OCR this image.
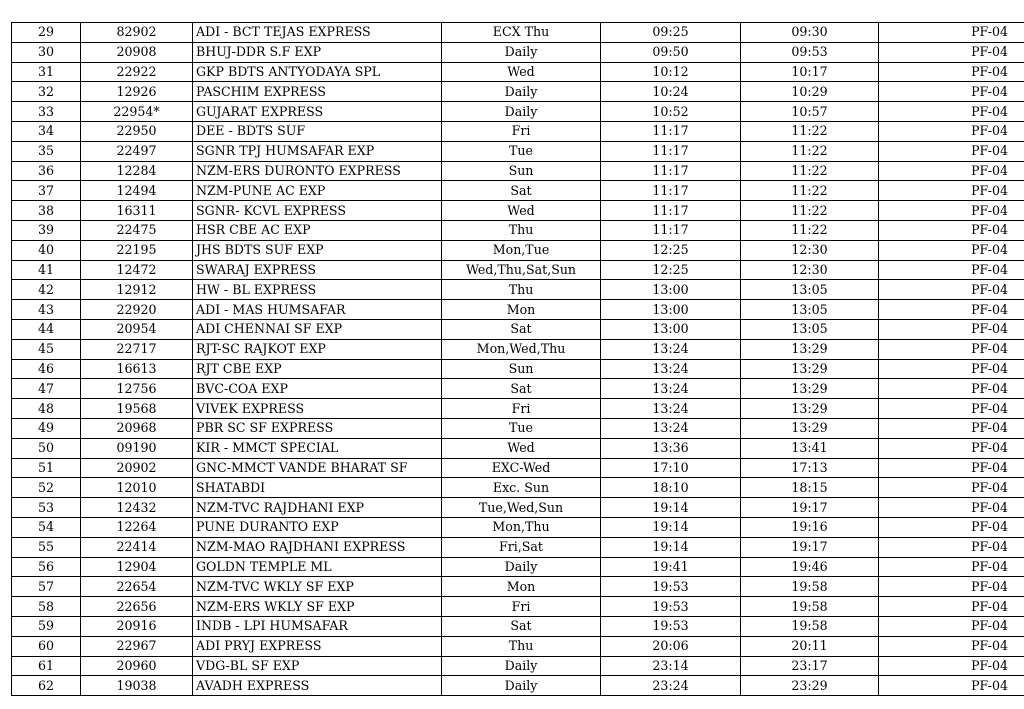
29	82902	ADI - BCT TEJAS EXPRESS	ECX Thu	09:25	09:30	PF-04
30	20908	BHUJ-DDR S.F EXP	Daily	09:50	09:53	PF-04
31	22922	GKP BDTS ANTYODAYA SPL	Wed	10:12	10:17	PF-04
32	12926	PASCHIM EXPRESS	Daily	10:24	10:29	PF-04
33	22954*	GUJARAT EXPRESS	Daily	10:52	10:57	PF-04
34	22950	DEE - BDTS SUF	Fri	11:17	11:22	PF-04
35	22497	SGNR TPJ HUMSAFAR EXP	Tue	11:17	11:22	PF-04
36	12284	NZM-ERS DURONTO EXPRESS	Sun	11:17	11:22	PF-04
37	12494	NZM-PUNE AC EXP	Sat	11:17	11:22	PF-04
38	16311	SGNR- KCVL EXPRESS	Wed	11:17	11:22	PF-04
39	22475	HSR CBE AC EXP	Thu	11:17	11:22	PF-04
40	22195	JHS BDTS SUF EXP	Mon,Tue	12:25	12:30	PF-04
41	12472	SWARAJ EXPRESS	Wed,Thu,Sat,Sun	12:25	12:30	PF-04
42	12912	HW - BL EXPRESS	Thu	13:00	13:05	PF-04
43	22920	ADI - MAS HUMSAFAR	Mon	13:00	13:05	PF-04
44	20954	ADI CHENNAI SF EXP	Sat	13:00	13:05	PF-04
45	22717	RJT-SC RAJKOT EXP	Mon,Wed,Thu	13:24	13:29	PF-04
46	16613	RJT CBE EXP	Sun	13:24	13:29	PF-04
47	12756	BVC-COA EXP	Sat	13:24	13:29	PF-04
48	19568	VIVEK EXPRESS	Fri	13:24	13:29	PF-04
49	20968	PBR SC SF EXPRESS	Tue	13:24	13:29	PF-04
50	09190	KIR - MMCT SPECIAL	Wed	13:36	13:41	PF-04
51	20902	GNC-MMCT VANDE BHARAT SF	EXC-Wed	17:10	17:13	PF-04
52	12010	SHATABDI	Exc. Sun	18:10	18:15	PF-04
53	12432	NZM-TVC RAJDHANI EXP	Tue,Wed,Sun	19:14	19:17	PF-04
54	12264	PUNE DURANTO EXP	Mon,Thu	19:14	19:16	PF-04
55	22414	NZM-MAO RAJDHANI EXPRESS	Fri,Sat	19:14	19:17	PF-04
56	12904	GOLDN TEMPLE ML	Daily	19:41	19:46	PF-04
57	22654	NZM-TVC WKLY SF EXP	Mon	19:53	19:58	PF-04
58	22656	NZM-ERS WKLY SF EXP	Fri	19:53	19:58	PF-04
59	20916	INDB - LPI HUMSAFAR	Sat	19:53	19:58	PF-04
60	22967	ADI PRYJ EXPRESS	Thu	20:06	20:11	PF-04
61	20960	VDG-BL SF EXP	Daily	23:14	23:17	PF-04
62	19038	AVADH EXPRESS	Daily	23:24	23:29	PF-04
